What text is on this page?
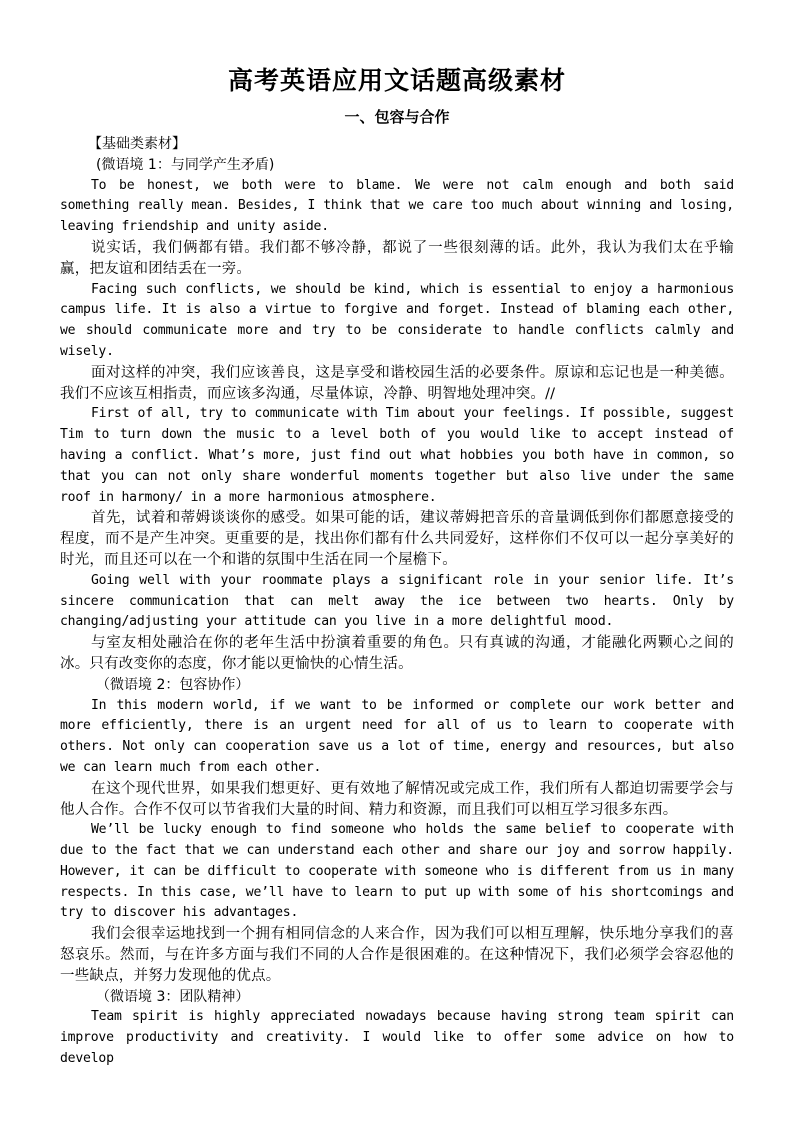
高考英语应用文话题高级素材
一、包容与合作
【基础类素材】
(微语境 1：与同学产生矛盾)

To be honest, we both were to blame. We were not calm enough and both said something really mean. Besides, I think that we care too much about winning and losing, leaving friendship and unity aside.

说实话，我们俩都有错。我们都不够冷静，都说了一些很刻薄的话。此外，我认为我们太在乎输赢，把友谊和团结丢在一旁。

Facing such conflicts, we should be kind, which is essential to enjoy a harmonious campus life. It is also a virtue to forgive and forget. Instead of blaming each other, we should communicate more and try to be considerate to handle conflicts calmly and wisely.

面对这样的冲突，我们应该善良，这是享受和谐校园生活的必要条件。原谅和忘记也是一种美德。我们不应该互相指责，而应该多沟通，尽量体谅，冷静、明智地处理冲突。//

First of all, try to communicate with Tim about your feelings. If possible, suggest Tim to turn down the music to a level both of you would like to accept instead of having a conflict. What’s more, just find out what hobbies you both have in common, so that you can not only share wonderful moments together but also live under the same roof in harmony/ in a more harmonious atmosphere.

首先，试着和蒂姆谈谈你的感受。如果可能的话，建议蒂姆把音乐的音量调低到你们都愿意接受的程度，而不是产生冲突。更重要的是，找出你们都有什么共同爱好，这样你们不仅可以一起分享美好的时光，而且还可以在一个和谐的氛围中生活在同一个屋檐下。

Going well with your roommate plays a significant role in your senior life. It’s sincere communication that can melt away the ice between two hearts. Only by changing/adjusting your attitude can you live in a more delightful mood.

与室友相处融洽在你的老年生活中扮演着重要的角色。只有真诚的沟通，才能融化两颗心之间的冰。只有改变你的态度，你才能以更愉快的心情生活。

（微语境 2：包容协作）

In this modern world, if we want to be informed or complete our work better and more efficiently, there is an urgent need for all of us to learn to cooperate with others. Not only can cooperation save us a lot of time, energy and resources, but also we can learn much from each other.

在这个现代世界，如果我们想更好、更有效地了解情况或完成工作，我们所有人都迫切需要学会与他人合作。合作不仅可以节省我们大量的时间、精力和资源，而且我们可以相互学习很多东西。

We’ll be lucky enough to find someone who holds the same belief to cooperate with due to the fact that we can understand each other and share our joy and sorrow happily. However, it can be difficult to cooperate with someone who is different from us in many respects. In this case, we’ll have to learn to put up with some of his shortcomings and try to discover his advantages.

我们会很幸运地找到一个拥有相同信念的人来合作，因为我们可以相互理解，快乐地分享我们的喜怒哀乐。然而，与在许多方面与我们不同的人合作是很困难的。在这种情况下，我们必须学会容忍他的一些缺点，并努力发现他的优点。

（微语境 3：团队精神）

Team spirit is highly appreciated nowadays because having strong team spirit can improve productivity and creativity. I would like to offer some advice on how to develop
